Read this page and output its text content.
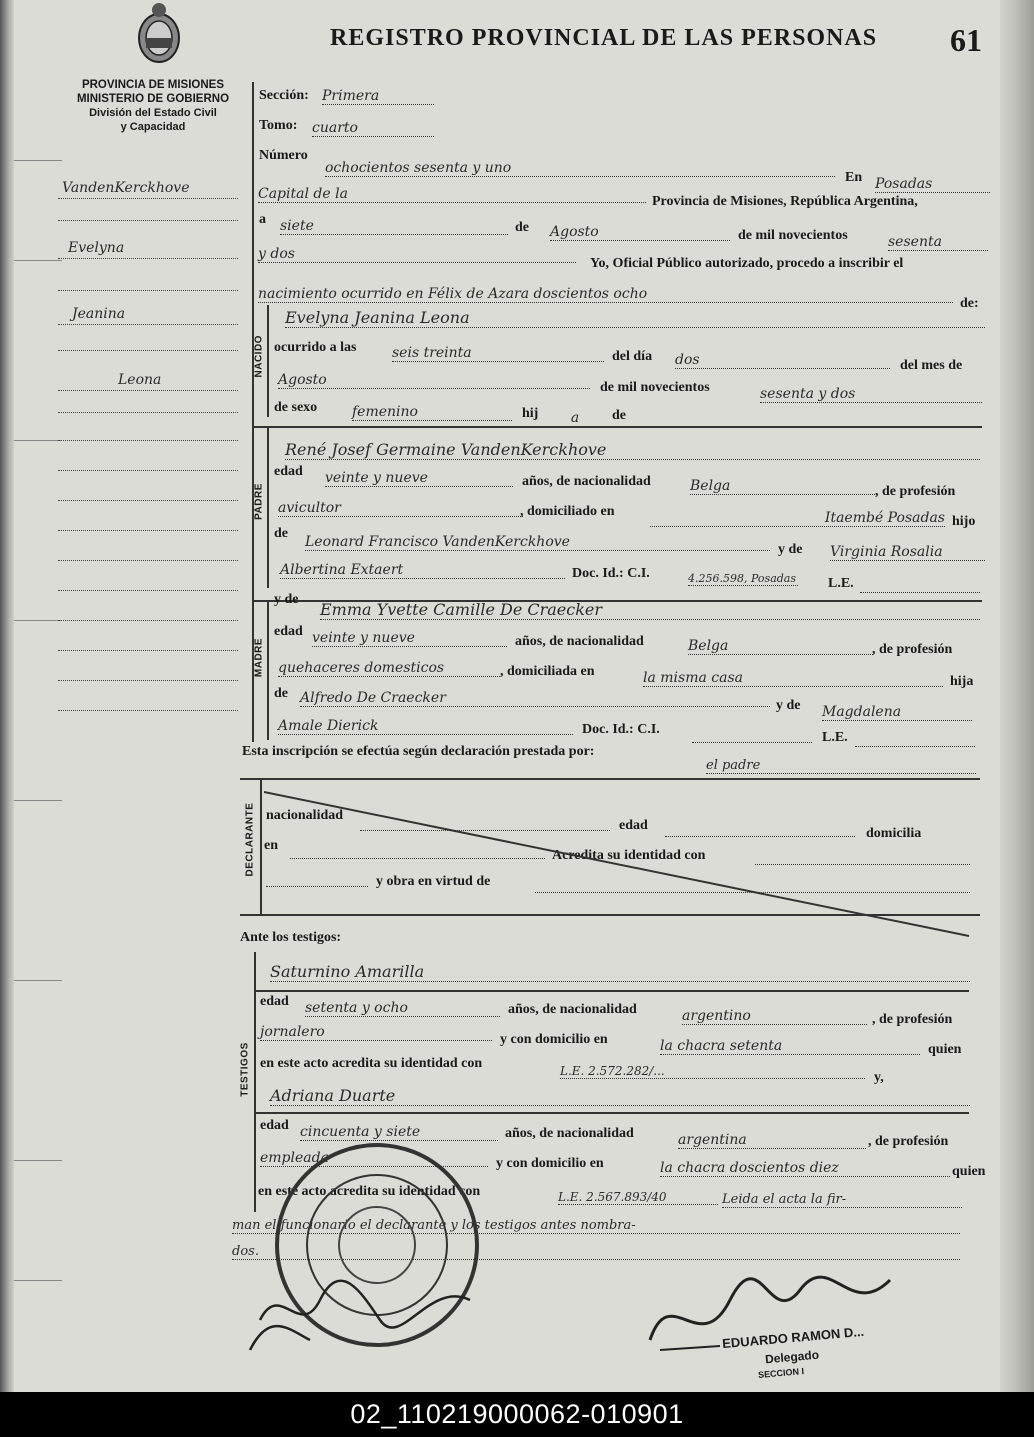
REGISTRO PROVINCIAL DE LAS PERSONAS 61
PROVINCIA DE MISIONES
MINISTERIO DE GOBIERNO
División del Estado Civil
y Capacidad
VandenKerckhove
Evelyna
Jeanina
Leona
Sección: Primera
Tomo: cuarto
Número
ochocientos sesenta y uno
En Posadas
Capital de la	Provincia de Misiones, República Argentina,
a siete	de Agosto	de mil novecientos	sesenta
y dos
Yo, Oficial Público autorizado, procedo a inscribir el
nacimiento ocurrido en Félix de Azara doscientos ocho
de:
NACIDO
Evelyna Jeanina Leona
ocurrido a las	seis treinta	del día dos	del mes de
Agosto	de mil novecientos	sesenta y dos
de sexo femenino	hij	a	de
PADRE
René Josef Germaine VandenKerckhove
edad veinte y nueve	años, de nacionalidad	Belga	, de profesión
avicultor	, domiciliado en	Itaembé Posadas hijo
de
Leonard Francisco VandenKerckhove	y de Virginia Rosalia
Albertina Extaert	Doc. Id.: C.I.	4.256.598, Posadas L.E.
MADRE
y de
Emma Yvette Camille De Craecker
edad veinte y nueve	años, de nacionalidad	Belga	, de profesión
quehaceres domesticos	, domiciliada en	la misma casa	hija
de Alfredo De Craecker	y de Magdalena
Amale Dierick	Doc. Id.: C.I.
L.E.
Esta inscripción se efectúa según declaración prestada por:
el padre
DECLARANTE nacionalidad
edad
domicilia
en
Acredita su identidad con
y obra en virtud de
Ante los testigos:
TESTIGOS
Saturnino Amarilla
edad setenta y ocho	años, de nacionalidad	argentino	, de profesión
jornalero	y con domicilio en	la chacra setenta	quien
en este acto acredita su identidad con	L.E. 2.572.282/...	y,
Adriana Duarte
edad cincuenta y siete	años, de nacionalidad	argentina	, de profesión
empleada	y con domicilio en	la chacra doscientos diez	quien
en este acto acredita su identidad con	L.E. 2.567.893/40	Leida el acta la fir-
man el funcionario el declarante y los testigos antes nombra-
dos.
EDUARDO RAMON D...
Delegado
SECCION I
02_110219000062-010901
